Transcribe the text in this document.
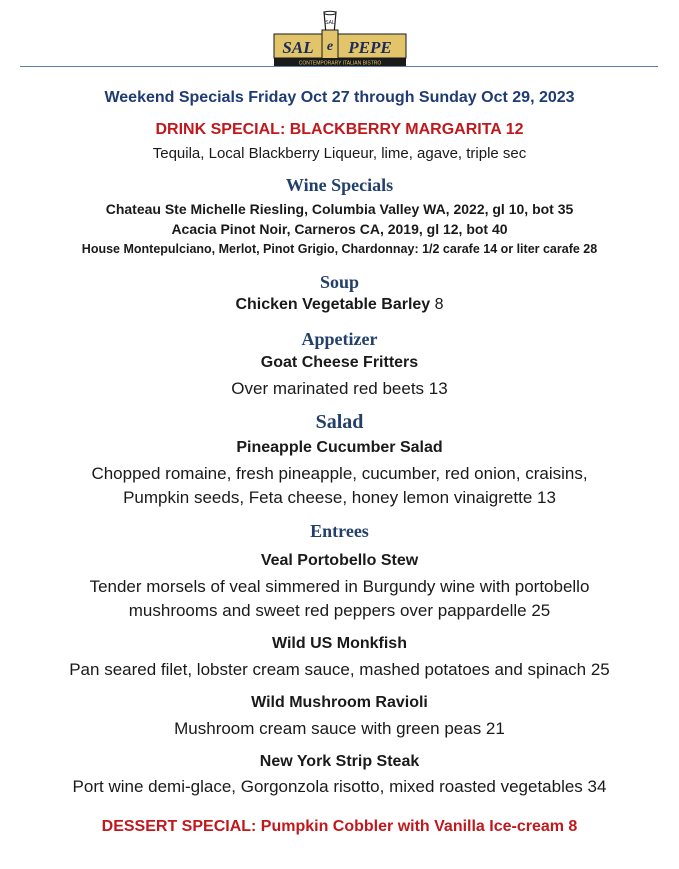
SAL
SAL e PEPE
CONTEMPORARY ITALIAN BISTRO
Weekend Specials Friday Oct 27 through Sunday Oct 29, 2023
DRINK SPECIAL: BLACKBERRY MARGARITA 12
Tequila, Local Blackberry Liqueur, lime, agave, triple sec
Wine Specials
Chateau Ste Michelle Riesling, Columbia Valley WA, 2022, gl 10, bot 35
Acacia Pinot Noir, Carneros CA, 2019, gl 12, bot 40
House Montepulciano, Merlot, Pinot Grigio, Chardonnay: 1/2 carafe 14 or liter carafe 28
Soup
Chicken Vegetable Barley 8
Appetizer
Goat Cheese Fritters
Over marinated red beets 13
Salad
Pineapple Cucumber Salad
Chopped romaine, fresh pineapple, cucumber, red onion, craisins,
Pumpkin seeds, Feta cheese, honey lemon vinaigrette 13
Entrees
Veal Portobello Stew
Tender morsels of veal simmered in Burgundy wine with portobello
mushrooms and sweet red peppers over pappardelle 25
Wild US Monkfish
Pan seared filet, lobster cream sauce, mashed potatoes and spinach 25
Wild Mushroom Ravioli
Mushroom cream sauce with green peas 21
New York Strip Steak
Port wine demi-glace, Gorgonzola risotto, mixed roasted vegetables 34
DESSERT SPECIAL: Pumpkin Cobbler with Vanilla Ice-cream 8
